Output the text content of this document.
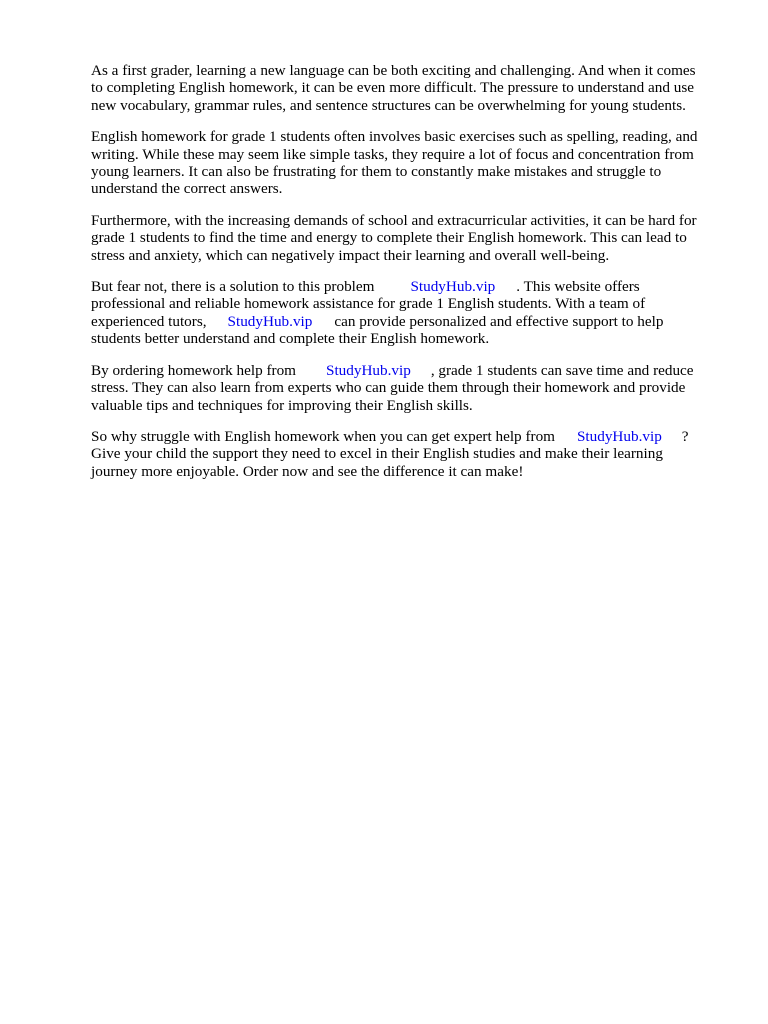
As a first grader, learning a new language can be both exciting and challenging. And when it comes
to completing English homework, it can be even more difficult. The pressure to understand and use
new vocabulary, grammar rules, and sentence structures can be overwhelming for young students.

English homework for grade 1 students often involves basic exercises such as spelling, reading, and
writing. While these may seem like simple tasks, they require a lot of focus and concentration from
young learners. It can also be frustrating for them to constantly make mistakes and struggle to
understand the correct answers.

Furthermore, with the increasing demands of school and extracurricular activities, it can be hard for
grade 1 students to find the time and energy to complete their English homework. This can lead to
stress and anxiety, which can negatively impact their learning and overall well-being.

But fear not, there is a solution to this problem StudyHub.vip . This website offers
professional and reliable homework assistance for grade 1 English students. With a team of
experienced tutors, StudyHub.vip can provide personalized and effective support to help
students better understand and complete their English homework.

By ordering homework help from StudyHub.vip , grade 1 students can save time and reduce
stress. They can also learn from experts who can guide them through their homework and provide
valuable tips and techniques for improving their English skills.

So why struggle with English homework when you can get expert help from StudyHub.vip ?
Give your child the support they need to excel in their English studies and make their learning
journey more enjoyable. Order now and see the difference it can make!
